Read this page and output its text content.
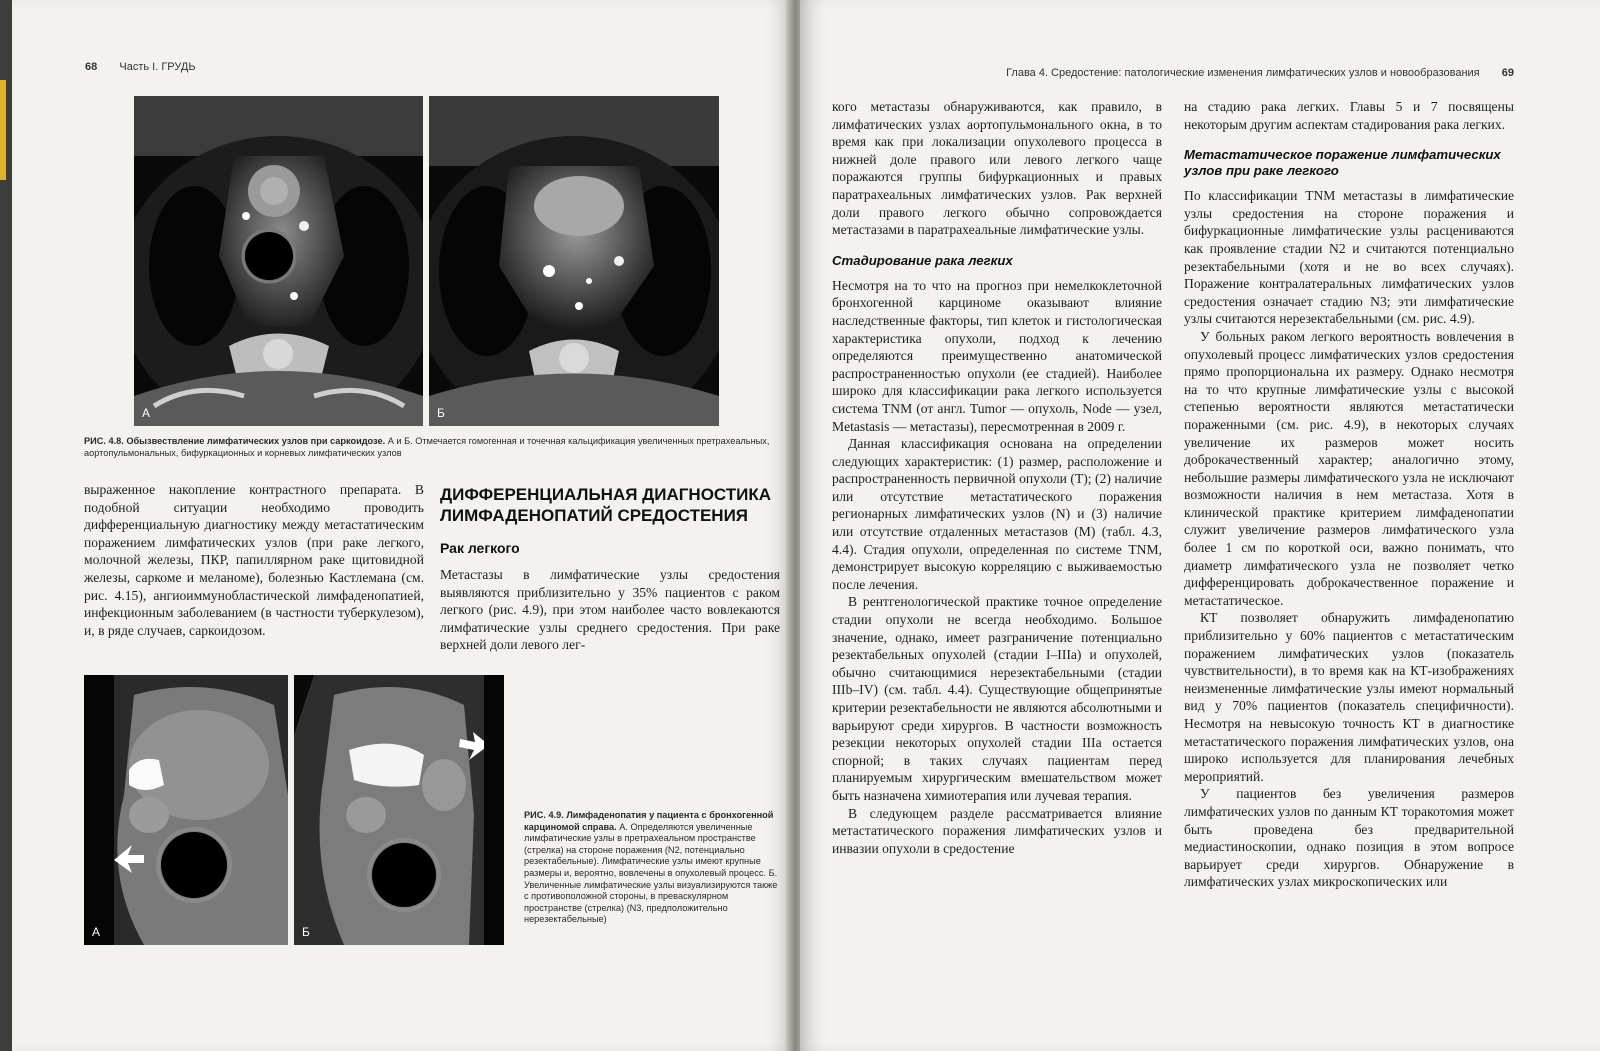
68 Часть I. ГРУДЬ
А	Б
РИС. 4.8. Обызвествление лимфатических узлов при саркоидозе. А и Б. Отмечается гомогенная и точечная кальцификация увеличенных претрахеальных, аортопульмональных, бифуркационных и корневых лимфатических узлов

выраженное накопление контрастного препарата. В подобной ситуации необходимо проводить дифференциальную диагностику между метастатическим поражением лимфатических узлов (при раке легкого, молочной железы, ПКР, папиллярном раке щитовидной железы, саркоме и меланоме), болезнью Кастлемана (см. рис. 4.15), ангиоиммунобластической лимфаденопатией, инфекционным заболеванием (в частности туберкулезом), и, в ряде случаев, саркоидозом.

ДИФФЕРЕНЦИАЛЬНАЯ ДИАГНОСТИКА
ЛИМФАДЕНОПАТИЙ СРЕДОСТЕНИЯ
Рак легкого

Метастазы в лимфатические узлы средостения выявляются приблизительно у 35% пациентов с раком легкого (рис. 4.9), при этом наиболее часто вовлекаются лимфатические узлы среднего средостения. При раке верхней доли левого лег-

А	Б
РИС. 4.9. Лимфаденопатия у пациента с бронхогенной карциномой справа. А. Определяются увеличенные лимфатические узлы в претрахеальном пространстве (стрелка) на стороне поражения (N2, потенциально резектабельные). Лимфатические узлы имеют крупные размеры и, вероятно, вовлечены в опухолевый процесс. Б. Увеличенные лимфатические узлы визуализируются также с противоположной стороны, в превaскулярном пространстве (стрелка) (N3, предположительно нерезектабельные)
Глава 4. Средостение: патологические изменения лимфатических узлов и новообразования 69

кого метастазы обнаруживаются, как правило, в лимфатических узлах аортопульмонального окна, в то время как при локализации опухолевого процесса в нижней доле правого или левого легкого чаще поражаются группы бифуркационных и правых паратрахеальных лимфатических узлов. Рак верхней доли правого легкого обычно сопровождается метастазами в паратрахеальные лимфатические узлы.

Стадирование рака легких

Несмотря на то что на прогноз при немелкоклеточной бронхогенной карциноме оказывают влияние наследственные факторы, тип клеток и гистологическая характеристика опухоли, подход к лечению определяются преимущественно анатомической распространенностью опухоли (ее стадией). Наиболее широко для классификации рака легкого используется система TNM (от англ. Tumor — опухоль, Node — узел, Metastasis — метастазы), пересмотренная в 2009 г.

Данная классификация основана на определении следующих характеристик: (1) размер, расположение и распространенность первичной опухоли (T); (2) наличие или отсутствие метастатического поражения регионарных лимфатических узлов (N) и (3) наличие или отсутствие отдаленных метастазов (M) (табл. 4.3, 4.4). Стадия опухоли, определенная по системе TNM, демонстрирует высокую корреляцию с выживаемостью после лечения.

В рентгенологической практике точное определение стадии опухоли не всегда необходимо. Большое значение, однако, имеет разграничение потенциально резектабельных опухолей (стадии I–IIIa) и опухолей, обычно считающимися нерезектабельными (стадии IIIb–IV) (см. табл. 4.4). Существующие общепринятые критерии резектабельности не являются абсолютными и варьируют среди хирургов. В частности возможность резекции некоторых опухолей стадии IIIa остается спорной; в таких случаях пациентам перед планируемым хирургическим вмешательством может быть назначена химиотерапия или лучевая терапия.

В следующем разделе рассматривается влияние метастатического поражения лимфатических узлов и инвазии опухоли в средостение

на стадию рака легких. Главы 5 и 7 посвящены некоторым другим аспектам стадирования рака легких.

Метастатическое поражение лимфатических
узлов при раке легкого

По классификации TNM метастазы в лимфатические узлы средостения на стороне поражения и бифуркационные лимфатические узлы расцениваются как проявление стадии N2 и считаются потенциально резектабельными (хотя и не во всех случаях). Поражение контралатеральных лимфатических узлов средостения означает стадию N3; эти лимфатические узлы считаются нерезектабельными (см. рис. 4.9).

У больных раком легкого вероятность вовлечения в опухолевый процесс лимфатических узлов средостения прямо пропорциональна их размеру. Однако несмотря на то что крупные лимфатические узлы с высокой степенью вероятности являются метастатически пораженными (см. рис. 4.9), в некоторых случаях увеличение их размеров может носить доброкачественный характер; аналогично этому, небольшие размеры лимфатического узла не исключают возможности наличия в нем метастаза. Хотя в клинической практике критерием лимфаденопатии служит увеличение размеров лимфатического узла более 1 см по короткой оси, важно понимать, что диаметр лимфатического узла не позволяет четко дифференцировать доброкачественное поражение и метастатическое.

КТ позволяет обнаружить лимфаденопатию приблизительно у 60% пациентов с метастатическим поражением лимфатических узлов (показатель чувствительности), в то время как на КТ-изображениях неизмененные лимфатические узлы имеют нормальный вид у 70% пациентов (показатель специфичности). Несмотря на невысокую точность КТ в диагностике метастатического поражения лимфатических узлов, она широко используется для планирования лечебных мероприятий.

У пациентов без увеличения размеров лимфатических узлов по данным КТ торакотомия может быть проведена без предварительной медиастиноскопии, однако позиция в этом вопросе варьирует среди хирургов. Обнаружение в лимфатических узлах микроскопических или
